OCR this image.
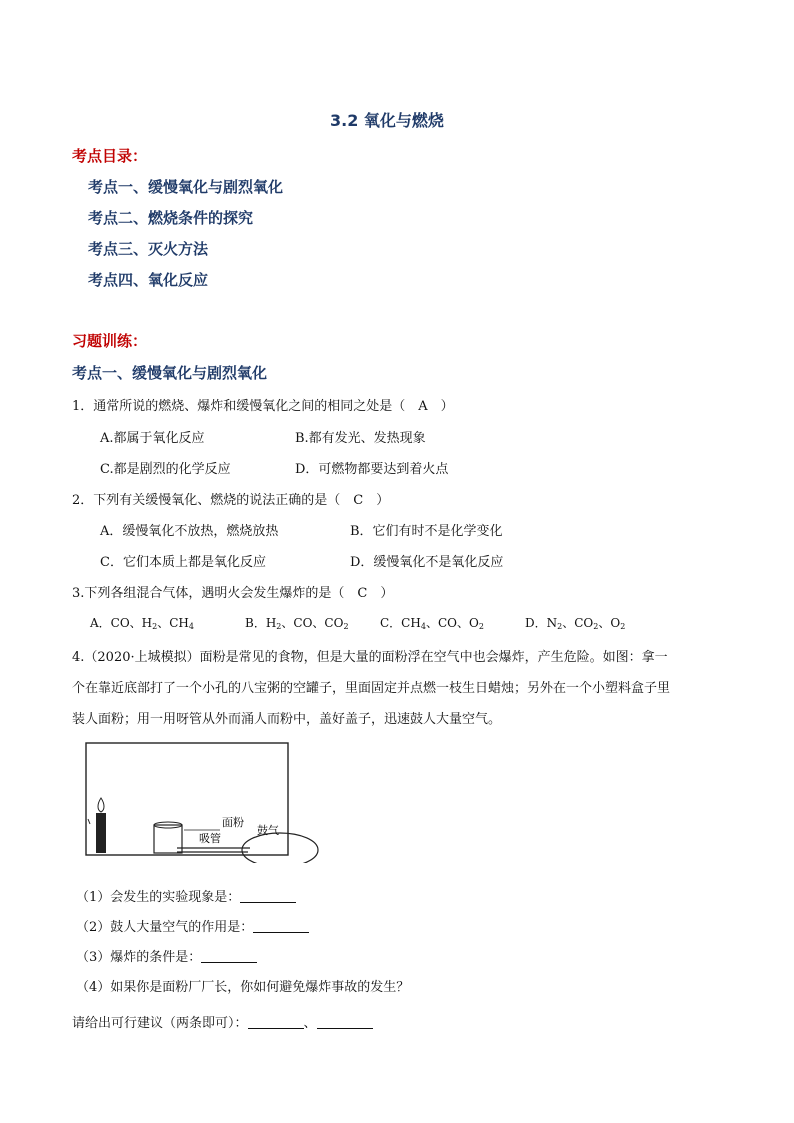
3.2 氧化与燃烧
考点目录：
考点一、缓慢氧化与剧烈氧化
考点二、燃烧条件的探究
考点三、灭火方法
考点四、氧化反应
习题训练：
考点一、缓慢氧化与剧烈氧化
1．通常所说的燃烧、爆炸和缓慢氧化之间的相同之处是（　A　）
A.都属于氧化反应	B.都有发光、发热现象
C.都是剧烈的化学反应	D．可燃物都要达到着火点
2．下列有关缓慢氧化、燃烧的说法正确的是（　C　）
A．缓慢氧化不放热，燃烧放热	B．它们有时不是化学变化
C．它们本质上都是氧化反应	D．缓慢氧化不是氧化反应
3.下列各组混合气体，遇明火会发生爆炸的是（　C　）
A．CO、$H_2$、$CH_4$	B．$H_2$、CO、$CO_2$	C．$CH_4$、CO、$O_2$	D．$N_2$、$CO_2$、$O_2$
4.（2020·上城模拟）面粉是常见的食物，但是大量的面粉浮在空气中也会爆炸，产生危险。如图：拿一
个在靠近底部打了一个小孔的八宝粥的空罐子，里面固定并点燃一枝生日蜡烛；另外在一个小塑料盒子里
装人面粉；用一用呀管从外而涌人而粉中，盖好盖子，迅速鼓人大量空气。
面粉
吸管
鼓气
（1）会发生的实验现象是：
（2）鼓人大量空气的作用是：
（3）爆炸的条件是：
（4）如果你是面粉厂厂长，你如何避免爆炸事故的发生？
请给出可行建议（两条即可）：	、
